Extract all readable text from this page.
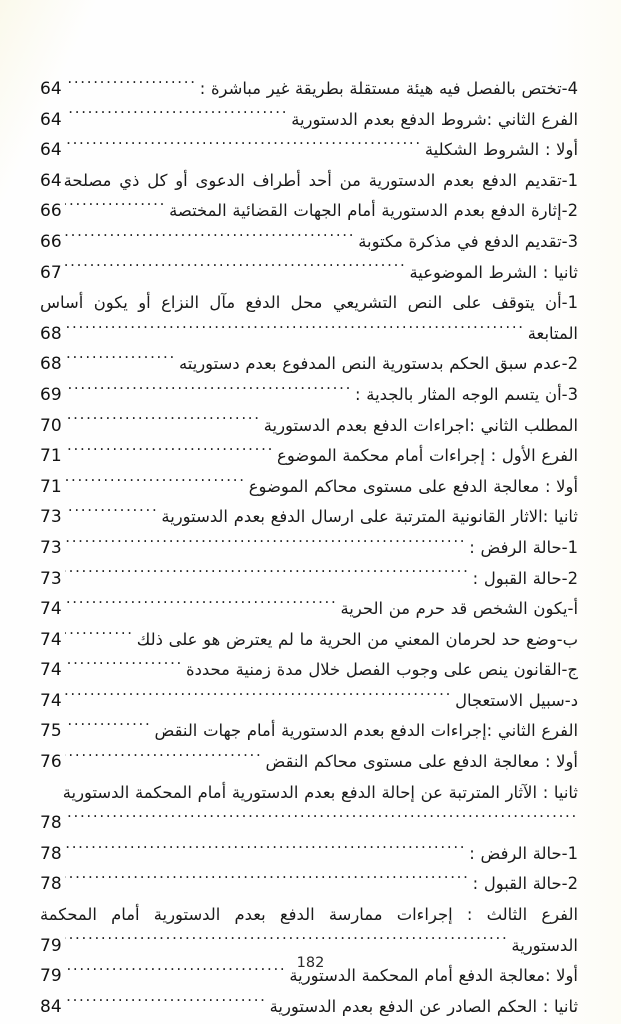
4-تختص بالفصل فيه هيئة مستقلة بطريقة غير مباشرة :
.....
64
الفرع الثاني :شروط الدفع بعدم الدستورية
.....
64
أولا : الشروط الشكلية
.....
64
1-تقديم الدفع بعدم الدستورية من أحد أطراف الدعوى أو كل ذي مصلحة
64
2-إثارة الدفع بعدم الدستورية أمام الجهات القضائية المختصة
.....
66
3-تقديم الدفع في مذكرة مكتوبة
.....
66
ثانيا : الشرط الموضوعية
.....
67
1-أن يتوقف على النص التشريعي محل الدفع مآل النزاع أو يكون أساس
المتابعة
.....
68
2-عدم سبق الحكم بدستورية النص المدفوع بعدم دستوريته
.....
68
3-أن يتسم الوجه المثار بالجدية :
.....
69
المطلب الثاني :اجراءات الدفع بعدم الدستورية
.....
70
الفرع الأول : إجراءات أمام محكمة الموضوع
.....
71
أولا : معالجة الدفع على مستوى محاكم الموضوع
.....
71
ثانيا :الاثار القانونية المترتبة على ارسال الدفع بعدم الدستورية
.....
73
1-حالة الرفض :
.....
73
2-حالة القبول :
.....
73
أ-يكون الشخص قد حرم من الحرية
.....
74
ب-وضع حد لحرمان المعني من الحرية ما لم يعترض هو على ذلك
.....
74
ج-القانون ينص على وجوب الفصل خلال مدة زمنية محددة
.....
74
د-سبيل الاستعجال
.....
74
الفرع الثاني :إجراءات الدفع بعدم الدستورية أمام جهات النقض
.....
75
أولا : معالجة الدفع على مستوى محاكم النقض
.....
76
ثانيا : الآثار المترتبة عن إحالة الدفع بعدم الدستورية أمام المحكمة الدستورية
.....
78
1-حالة الرفض :
.....
78
2-حالة القبول :
.....
78
الفرع الثالث : إجراءات ممارسة الدفع بعدم الدستورية أمام المحكمة
الدستورية
.....
79
أولا :معالجة الدفع أمام المحكمة الدستورية
.....
79
ثانيا : الحكم الصادر عن الدفع بعدم الدستورية
.....
84
182
